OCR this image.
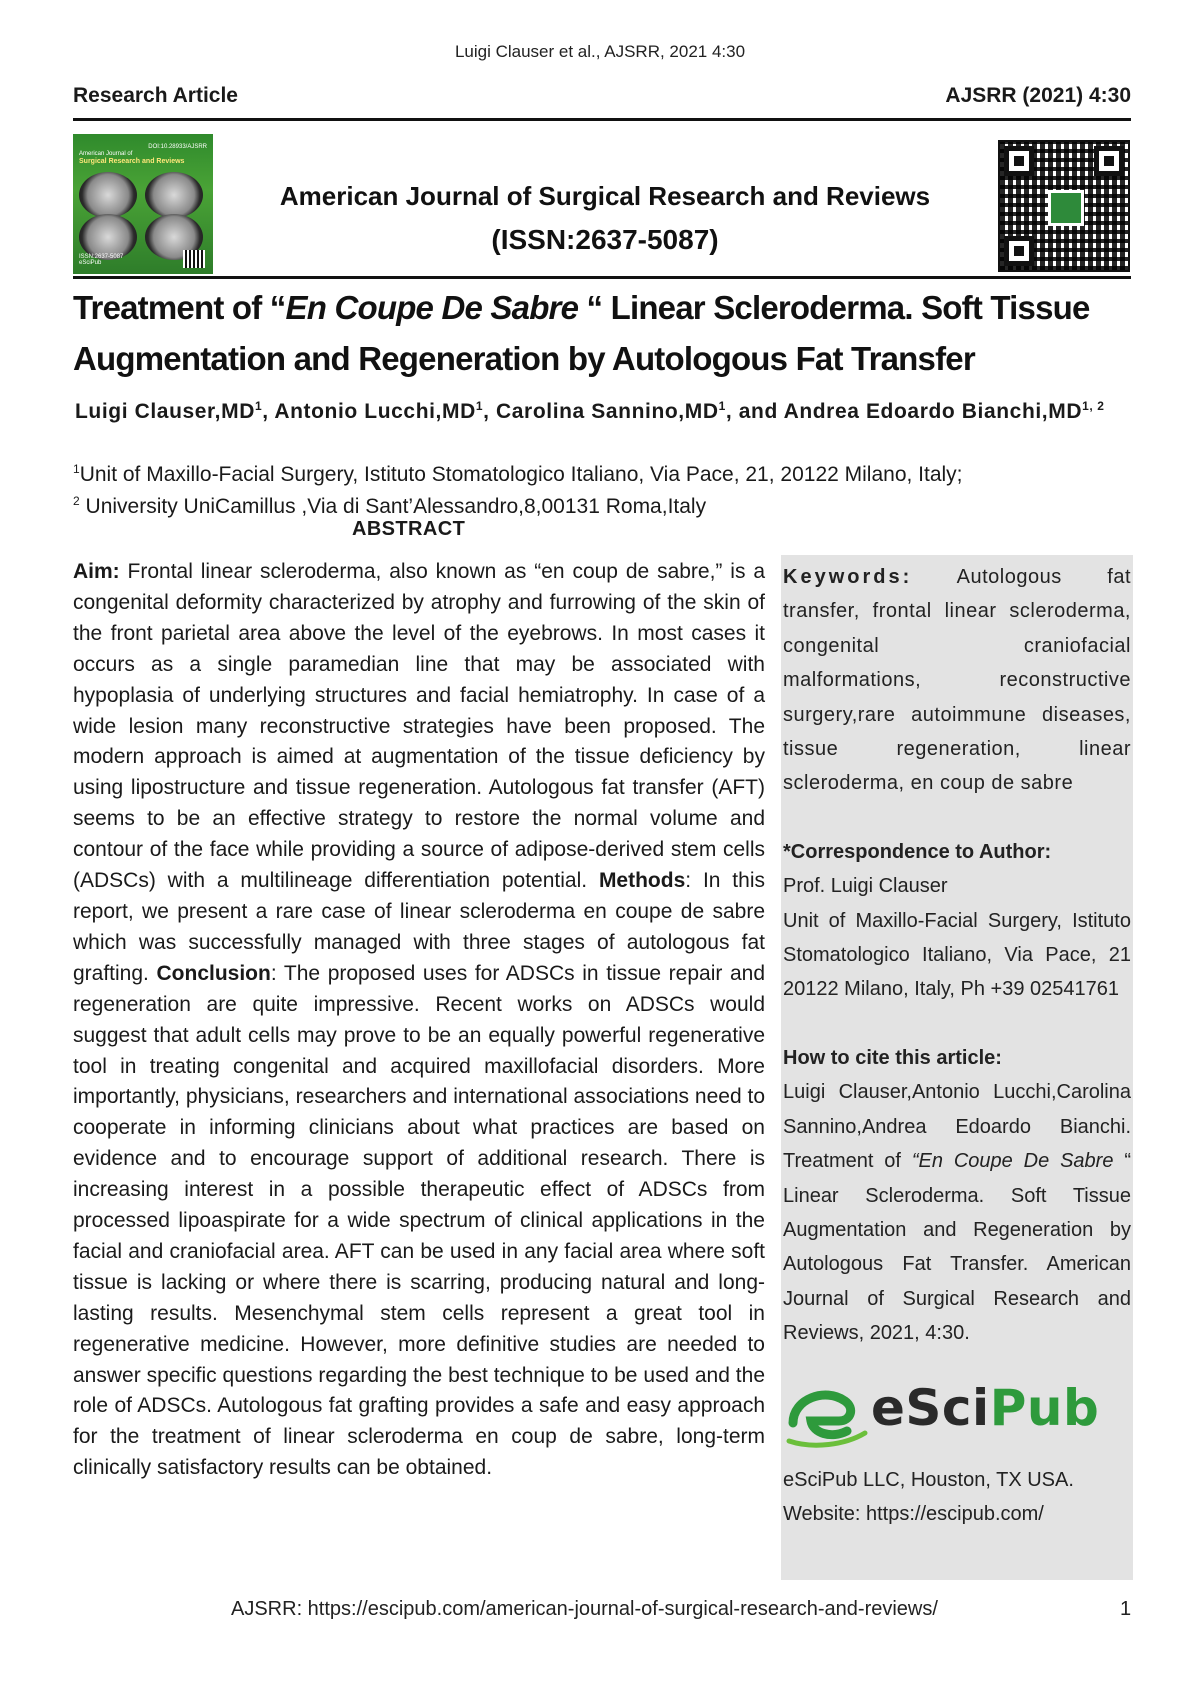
Luigi Clauser et al., AJSRR, 2021 4:30
Research Article	AJSRR (2021) 4:30
DOI:10.28933/AJSRR
American Journal of
Surgical Research and Reviews
ISSN:2637-5087
eSciPub
American Journal of Surgical Research and Reviews
(ISSN:2637-5087)
Treatment of “En Coupe De Sabre “ Linear Scleroderma. Soft Tissue
Augmentation and Regeneration by Autologous Fat Transfer
Luigi $Clauser,MD^1$, Antonio $Lucchi,MD^1$, Carolina $Sannino,MD^1$, and Andrea Edoardo Bianchi,MD$^{1, 2}$
$^1$Unit of Maxillo-Facial Surgery, Istituto Stomatologico Italiano, Via Pace, 21, 20122 Milano, Italy;
$^2$ University UniCamillus ,Via di Sant’Alessandro,8,00131 Roma,Italy
ABSTRACT
Aim: Frontal linear scleroderma, also known as “en coup de sabre,” is a congenital deformity characterized by atrophy and furrowing of the skin of the front parietal area above the level of the eyebrows. In most cases it occurs as a single paramedian line that may be associated with hypoplasia of underlying structures and facial hemiatrophy. In case of a wide lesion many reconstructive strategies have been proposed. The modern approach is aimed at augmentation of the tissue deficiency by using lipostructure and tissue regeneration. Autologous fat transfer (AFT) seems to be an effective strategy to restore the normal volume and contour of the face while providing a source of adipose-derived stem cells (ADSCs) with a multilineage differentiation potential. Methods: In this report, we present a rare case of linear scleroderma en coupe de sabre which was successfully managed with three stages of autologous fat grafting. Conclusion: The proposed uses for ADSCs in tissue repair and regeneration are quite impressive. Recent works on ADSCs would suggest that adult cells may prove to be an equally powerful regenerative tool in treating congenital and acquired maxillofacial disorders. More importantly, physicians, researchers and international associations need to cooperate in informing clinicians about what practices are based on evidence and to encourage support of additional research. There is increasing interest in a possible therapeutic effect of ADSCs from processed lipoaspirate for a wide spectrum of clinical applications in the facial and craniofacial area. AFT can be used in any facial area where soft tissue is lacking or where there is scarring, producing natural and long-lasting results. Mesenchymal stem cells represent a great tool in regenerative medicine. However, more definitive studies are needed to answer specific questions regarding the best technique to be used and the role of ADSCs. Autologous fat grafting provides a safe and easy approach for the treatment of linear scleroderma en coup de sabre, long-term clinically satisfactory results can be obtained.
Keywords: Autologous fat transfer, frontal linear scleroderma, congenital craniofacial malformations, reconstructive surgery,rare autoimmune diseases, tissue regeneration, linear scleroderma, en coup de sabre
*Correspondence to Author:
Prof. Luigi Clauser
Unit of Maxillo-Facial Surgery, Istituto Stomatologico Italiano, Via Pace, 21 20122 Milano, Italy, Ph +39 02541761
How to cite this article:
Luigi Clauser,Antonio Lucchi,Carolina Sannino,Andrea Edoardo Bianchi. Treatment of “En Coupe De Sabre “ Linear Scleroderma. Soft Tissue Augmentation and Regeneration by Autologous Fat Transfer. American Journal of Surgical Research and Reviews, 2021, 4:30.
eSciPub
eSciPub LLC, Houston, TX USA.
Website: https://escipub.com/
AJSRR: https://escipub.com/american-journal-of-surgical-research-and-reviews/	1
